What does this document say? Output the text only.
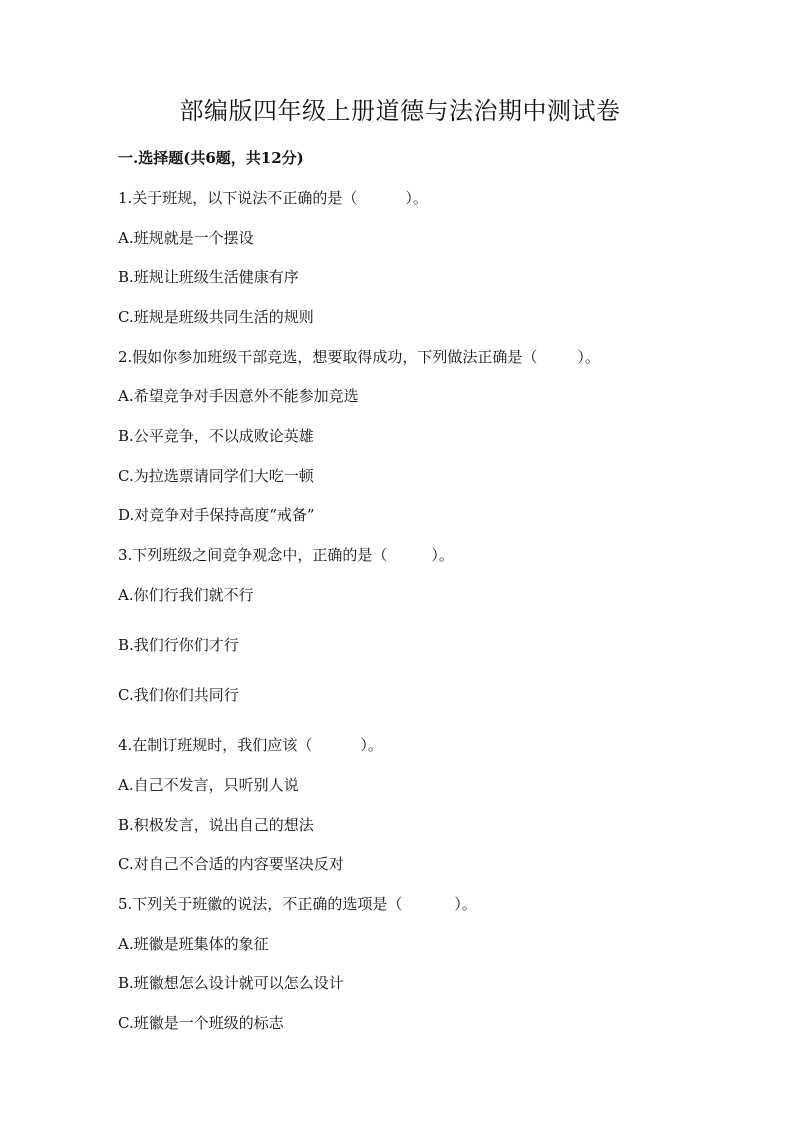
部编版四年级上册道德与法治期中测试卷

一.选择题(共6题，共12分)

1.关于班规，以下说法不正确的是（	）。

A.班规就是一个摆设

B.班规让班级生活健康有序

C.班规是班级共同生活的规则

2.假如你参加班级干部竞选，想要取得成功，下列做法正确是（	）。

A.希望竞争对手因意外不能参加竞选

B.公平竞争，不以成败论英雄

C.为拉选票请同学们大吃一顿

D.对竞争对手保持高度“戒备”

3.下列班级之间竞争观念中，正确的是（	）。

A.你们行我们就不行

B.我们行你们才行

C.我们你们共同行

4.在制订班规时，我们应该（	）。

A.自己不发言，只听别人说

B.积极发言，说出自己的想法

C.对自己不合适的内容要坚决反对

5.下列关于班徽的说法，不正确的选项是（	）。

A.班徽是班集体的象征

B.班徽想怎么设计就可以怎么设计

C.班徽是一个班级的标志
